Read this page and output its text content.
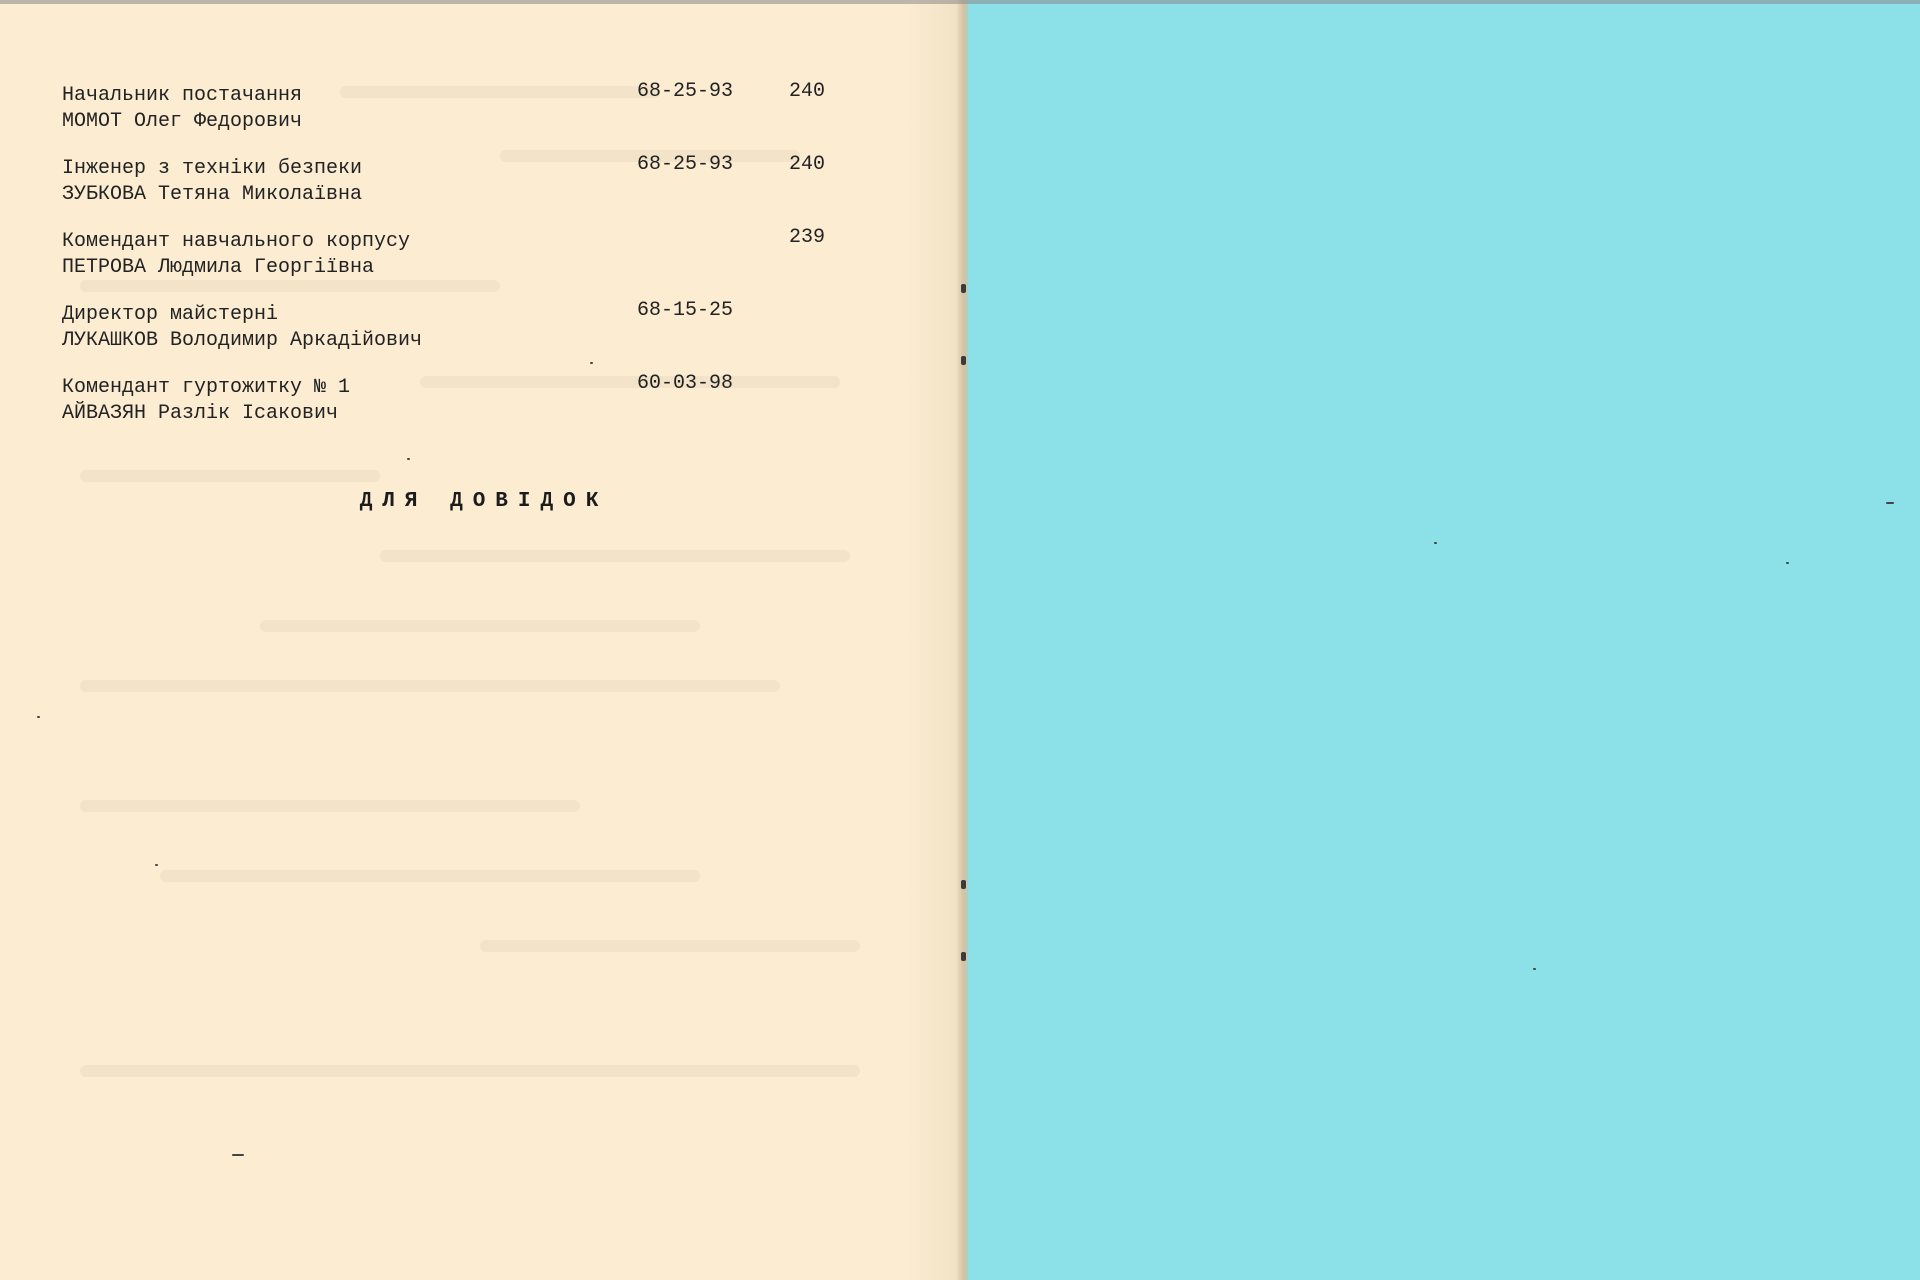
Начальник постачання
МОМОТ Олег Федорович
68-25-93	240
Інженер з техніки безпеки
ЗУБКОВА Тетяна Миколаївна
68-25-93	240
Комендант навчального корпусу
ПЕТРОВА Людмила Георгіївна
239
Директор майстерні
ЛУКАШКОВ Володимир Аркадійович
68-15-25
Комендант гуртожитку № 1
АЙВАЗЯН Разлік Ісакович
60-03-98
ДЛЯ ДОВІДОК
